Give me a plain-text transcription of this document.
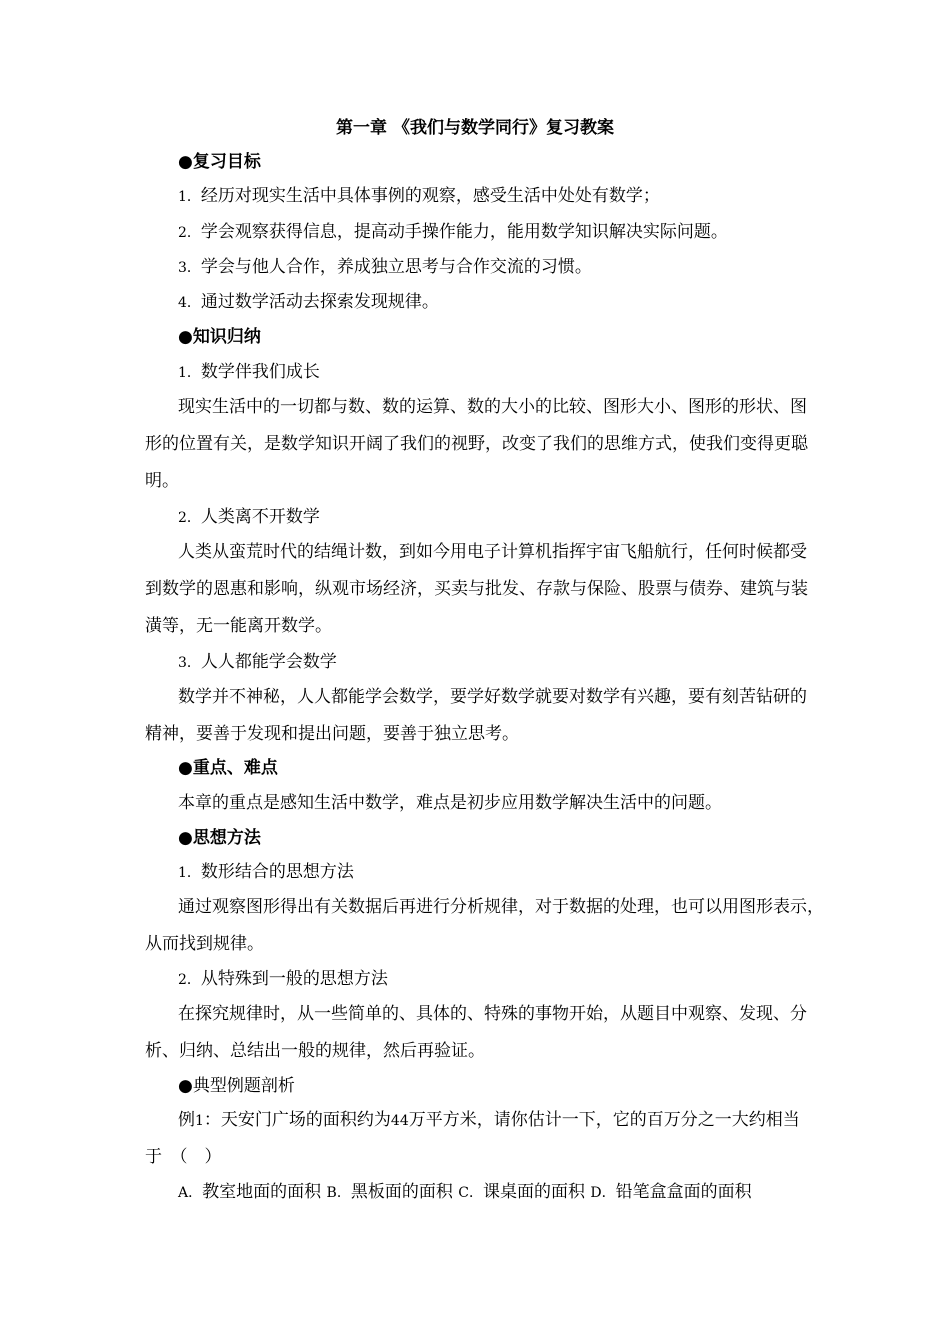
第一章 《我们与数学同行》复习教案
●复习目标
1．经历对现实生活中具体事例的观察，感受生活中处处有数学；
2．学会观察获得信息，提高动手操作能力，能用数学知识解决实际问题。
3．学会与他人合作，养成独立思考与合作交流的习惯。
4．通过数学活动去探索发现规律。
●知识归纳
1．数学伴我们成长
现实生活中的一切都与数、数的运算、数的大小的比较、图形大小、图形的形状、图
形的位置有关，是数学知识开阔了我们的视野，改变了我们的思维方式，使我们变得更聪
明。
2．人类离不开数学
人类从蛮荒时代的结绳计数，到如今用电子计算机指挥宇宙飞船航行，任何时候都受
到数学的恩惠和影响，纵观市场经济，买卖与批发、存款与保险、股票与债券、建筑与装
潢等，无一能离开数学。
3．人人都能学会数学
数学并不神秘，人人都能学会数学，要学好数学就要对数学有兴趣，要有刻苦钻研的
精神，要善于发现和提出问题，要善于独立思考。
●重点、难点
本章的重点是感知生活中数学，难点是初步应用数学解决生活中的问题。
●思想方法
1．数形结合的思想方法
通过观察图形得出有关数据后再进行分析规律，对于数据的处理，也可以用图形表示，
从而找到规律。
2．从特殊到一般的思想方法
在探究规律时，从一些简单的、具体的、特殊的事物开始，从题目中观察、发现、分
析、归纳、总结出一般的规律，然后再验证。
●典型例题剖析
例1：天安门广场的面积约为44万平方米，请你估计一下，它的百万分之一大约相当
于　（　）
A．教室地面的面积 B．黑板面的面积 C．课桌面的面积 D．铅笔盒盒面的面积
